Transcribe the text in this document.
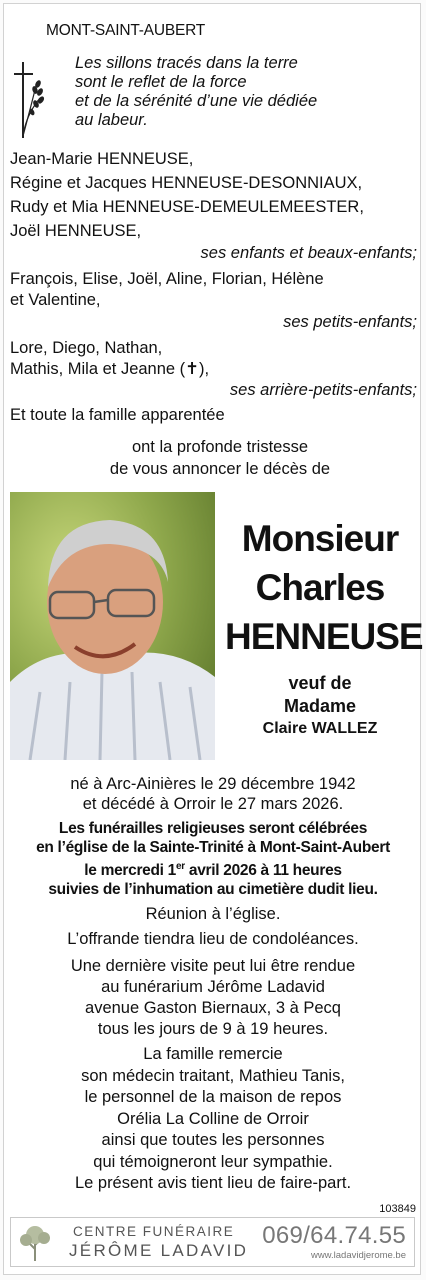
MONT-SAINT-AUBERT
Les sillons tracés dans la terre
sont le reflet de la force
et de la sérénité d’une vie dédiée
au labeur.
Jean-Marie HENNEUSE,
Régine et Jacques HENNEUSE-DESONNIAUX,
Rudy et Mia HENNEUSE-DEMEULEMEESTER,
Joël HENNEUSE,
ses enfants et beaux-enfants;
François, Elise, Joël, Aline, Florian, Hélène
et Valentine,
ses petits-enfants;
Lore, Diego, Nathan,
Mathis, Mila et Jeanne (✝),
ses arrière-petits-enfants;
Et toute la famille apparentée
ont la profonde tristesse
de vous annoncer le décès de
Monsieur
Charles
HENNEUSE
veuf de
Madame
Claire WALLEZ
né à Arc-Ainières le 29 décembre 1942
et décédé à Orroir le 27 mars 2026.
Les funérailles religieuses seront célébrées
en l’église de la Sainte-Trinité à Mont-Saint-Aubert
le mercredi 1er avril 2026 à 11 heures
suivies de l’inhumation au cimetière dudit lieu.
Réunion à l’église.
L’offrande tiendra lieu de condoléances.
Une dernière visite peut lui être rendue
au funérarium Jérôme Ladavid
avenue Gaston Biernaux, 3 à Pecq
tous les jours de 9 à 19 heures.
La famille remercie
son médecin traitant, Mathieu Tanis,
le personnel de la maison de repos
Orélia La Colline de Orroir
ainsi que toutes les personnes
qui témoigneront leur sympathie.
Le présent avis tient lieu de faire-part.
103849
CENTRE FUNÉRAIRE
JÉRÔME LADAVID
069/64.74.55
www.ladavidjerome.be
